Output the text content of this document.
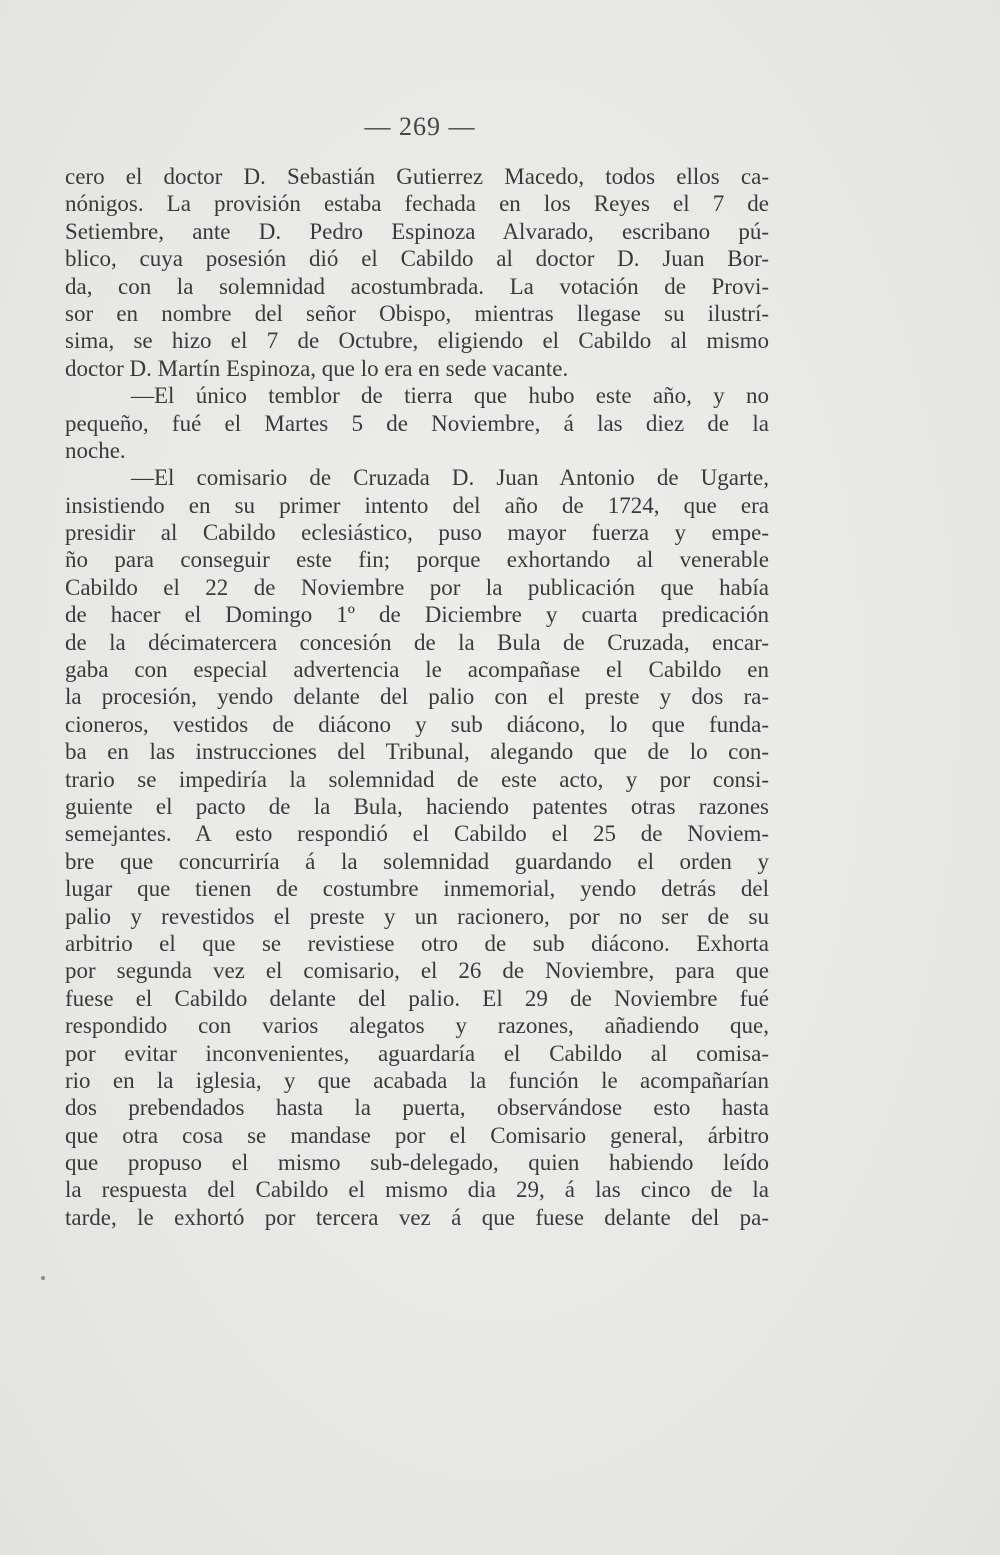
— 269 —
cero el doctor D. Sebastián Gutierrez Macedo, todos ellos ca-
nónigos. La provisión estaba fechada en los Reyes el 7 de
Setiembre, ante D. Pedro Espinoza Alvarado, escribano pú-
blico, cuya posesión dió el Cabildo al doctor D. Juan Bor-
da, con la solemnidad acostumbrada. La votación de Provi-
sor en nombre del señor Obispo, mientras llegase su ilustrí-
sima, se hizo el 7 de Octubre, eligiendo el Cabildo al mismo
doctor D. Martín Espinoza, que lo era en sede vacante.
—El único temblor de tierra que hubo este año, y no
pequeño, fué el Martes 5 de Noviembre, á las diez de la
noche.
—El comisario de Cruzada D. Juan Antonio de Ugarte,
insistiendo en su primer intento del año de 1724, que era
presidir al Cabildo eclesiástico, puso mayor fuerza y empe-
ño para conseguir este fin; porque exhortando al venerable
Cabildo el 22 de Noviembre por la publicación que había
de hacer el Domingo 1º de Diciembre y cuarta predicación
de la décimatercera concesión de la Bula de Cruzada, encar-
gaba con especial advertencia le acompañase el Cabildo en
la procesión, yendo delante del palio con el preste y dos ra-
cioneros, vestidos de diácono y sub diácono, lo que funda-
ba en las instrucciones del Tribunal, alegando que de lo con-
trario se impediría la solemnidad de este acto, y por consi-
guiente el pacto de la Bula, haciendo patentes otras razones
semejantes. A esto respondió el Cabildo el 25 de Noviem-
bre que concurriría á la solemnidad guardando el orden y
lugar que tienen de costumbre inmemorial, yendo detrás del
palio y revestidos el preste y un racionero, por no ser de su
arbitrio el que se revistiese otro de sub diácono. Exhorta
por segunda vez el comisario, el 26 de Noviembre, para que
fuese el Cabildo delante del palio. El 29 de Noviembre fué
respondido con varios alegatos y razones, añadiendo que,
por evitar inconvenientes, aguardaría el Cabildo al comisa-
rio en la iglesia, y que acabada la función le acompañarían
dos prebendados hasta la puerta, observándose esto hasta
que otra cosa se mandase por el Comisario general, árbitro
que propuso el mismo sub-delegado, quien habiendo leído
la respuesta del Cabildo el mismo dia 29, á las cinco de la
tarde, le exhortó por tercera vez á que fuese delante del pa-
